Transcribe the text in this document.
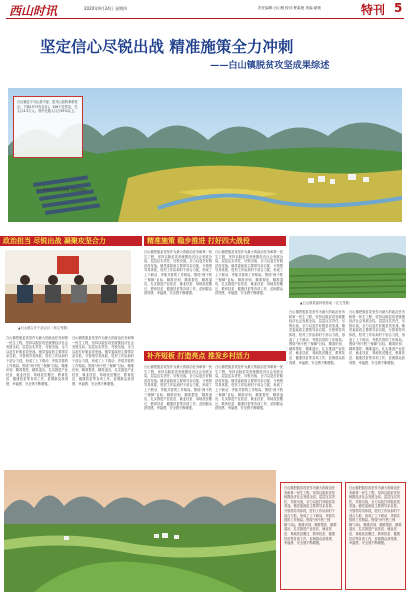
西山时讯	2020年9月24日 星期四	责任编辑:白山骏 校对:曹素艳 美编:翟敏	特刊 5
坚定信心尽锐出战 精准施策全力冲刺
——白山镇脱贫攻坚成果综述
白山镇位于马山县中部，是马山县的革命老区。下辖15个村(社区)，106个自然屯，总人口4.5万人。其中壮族人口占95%以上。
白山镇新貌风光美景图（梁宏珍摄）
政治担当 尽锐出战 凝聚攻坚合力	精准施策 稳步推进 打好四大战役
补齐短板 打造亮点 推发乡村活力
▲白山镇召开干部会议（杨文秀摄）
▲白山镇果蔬种植基地（农文烈摄）
白山镇把脱贫攻坚作为最大的政治任务和第一民生工程，坚持以脱贫攻坚统揽经济社会发展全局，层层压实责任，尽锐出战，全力以赴打好脱贫攻坚战。镇党委政府主要领导亲自抓，分管领导具体抓，驻村工作队和村干部合力抓，形成了上下联动、齐抓共管的工作格局。围绕“两不愁三保障”目标，精准识别、精准帮扶、精准退出，扎实推进产业扶贫、就业扶贫、易地扶贫搬迁、教育扶贫、健康扶贫等各项工作，贫困群众获得感、幸福感、安全感不断增强。
白山镇把脱贫攻坚作为最大的政治任务和第一民生工程，坚持以脱贫攻坚统揽经济社会发展全局，层层压实责任，尽锐出战，全力以赴打好脱贫攻坚战。镇党委政府主要领导亲自抓，分管领导具体抓，驻村工作队和村干部合力抓，形成了上下联动、齐抓共管的工作格局。围绕“两不愁三保障”目标，精准识别、精准帮扶、精准退出，扎实推进产业扶贫、就业扶贫、易地扶贫搬迁、教育扶贫、健康扶贫等各项工作，贫困群众获得感、幸福感、安全感不断增强。
白山镇把脱贫攻坚作为最大的政治任务和第一民生工程，坚持以脱贫攻坚统揽经济社会发展全局，层层压实责任，尽锐出战，全力以赴打好脱贫攻坚战。镇党委政府主要领导亲自抓，分管领导具体抓，驻村工作队和村干部合力抓，形成了上下联动、齐抓共管的工作格局。围绕“两不愁三保障”目标，精准识别、精准帮扶、精准退出，扎实推进产业扶贫、就业扶贫、易地扶贫搬迁、教育扶贫、健康扶贫等各项工作，贫困群众获得感、幸福感、安全感不断增强。
白山镇把脱贫攻坚作为最大的政治任务和第一民生工程，坚持以脱贫攻坚统揽经济社会发展全局，层层压实责任，尽锐出战，全力以赴打好脱贫攻坚战。镇党委政府主要领导亲自抓，分管领导具体抓，驻村工作队和村干部合力抓，形成了上下联动、齐抓共管的工作格局。围绕“两不愁三保障”目标，精准识别、精准帮扶、精准退出，扎实推进产业扶贫、就业扶贫、易地扶贫搬迁、教育扶贫、健康扶贫等各项工作，贫困群众获得感、幸福感、安全感不断增强。
白山镇把脱贫攻坚作为最大的政治任务和第一民生工程，坚持以脱贫攻坚统揽经济社会发展全局，层层压实责任，尽锐出战，全力以赴打好脱贫攻坚战。镇党委政府主要领导亲自抓，分管领导具体抓，驻村工作队和村干部合力抓，形成了上下联动、齐抓共管的工作格局。围绕“两不愁三保障”目标，精准识别、精准帮扶、精准退出，扎实推进产业扶贫、就业扶贫、易地扶贫搬迁、教育扶贫、健康扶贫等各项工作，贫困群众获得感、幸福感、安全感不断增强。
白山镇把脱贫攻坚作为最大的政治任务和第一民生工程，坚持以脱贫攻坚统揽经济社会发展全局，层层压实责任，尽锐出战，全力以赴打好脱贫攻坚战。镇党委政府主要领导亲自抓，分管领导具体抓，驻村工作队和村干部合力抓，形成了上下联动、齐抓共管的工作格局。围绕“两不愁三保障”目标，精准识别、精准帮扶、精准退出，扎实推进产业扶贫、就业扶贫、易地扶贫搬迁、教育扶贫、健康扶贫等各项工作，贫困群众获得感、幸福感、安全感不断增强。
白山镇把脱贫攻坚作为最大的政治任务和第一民生工程，坚持以脱贫攻坚统揽经济社会发展全局，层层压实责任，尽锐出战，全力以赴打好脱贫攻坚战。镇党委政府主要领导亲自抓，分管领导具体抓，驻村工作队和村干部合力抓，形成了上下联动、齐抓共管的工作格局。围绕“两不愁三保障”目标，精准识别、精准帮扶、精准退出，扎实推进产业扶贫、就业扶贫、易地扶贫搬迁、教育扶贫、健康扶贫等各项工作，贫困群众获得感、幸福感、安全感不断增强。
白山镇把脱贫攻坚作为最大的政治任务和第一民生工程，坚持以脱贫攻坚统揽经济社会发展全局，层层压实责任，尽锐出战，全力以赴打好脱贫攻坚战。镇党委政府主要领导亲自抓，分管领导具体抓，驻村工作队和村干部合力抓，形成了上下联动、齐抓共管的工作格局。围绕“两不愁三保障”目标，精准识别、精准帮扶、精准退出，扎实推进产业扶贫、就业扶贫、易地扶贫搬迁、教育扶贫、健康扶贫等各项工作，贫困群众获得感、幸福感、安全感不断增强。
白山镇把脱贫攻坚作为最大的政治任务和第一民生工程，坚持以脱贫攻坚统揽经济社会发展全局，层层压实责任，尽锐出战，全力以赴打好脱贫攻坚战。镇党委政府主要领导亲自抓，分管领导具体抓，驻村工作队和村干部合力抓，形成了上下联动、齐抓共管的工作格局。围绕“两不愁三保障”目标，精准识别、精准帮扶、精准退出，扎实推进产业扶贫、就业扶贫、易地扶贫搬迁、教育扶贫、健康扶贫等各项工作，贫困群众获得感、幸福感、安全感不断增强。
白山镇把脱贫攻坚作为最大的政治任务和第一民生工程，坚持以脱贫攻坚统揽经济社会发展全局，层层压实责任，尽锐出战，全力以赴打好脱贫攻坚战。镇党委政府主要领导亲自抓，分管领导具体抓，驻村工作队和村干部合力抓，形成了上下联动、齐抓共管的工作格局。围绕“两不愁三保障”目标，精准识别、精准帮扶、精准退出，扎实推进产业扶贫、就业扶贫、易地扶贫搬迁、教育扶贫、健康扶贫等各项工作，贫困群众获得感、幸福感、安全感不断增强。
